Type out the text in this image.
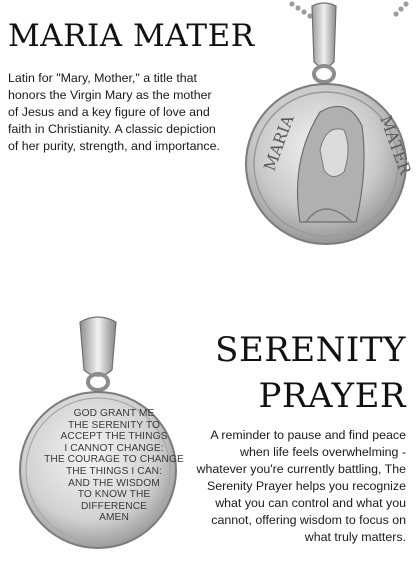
MARIA MATER

Latin for "Mary, Mother," a title that honors the Virgin Mary as the mother of Jesus and a key figure of love and faith in Christianity. A classic depiction of her purity, strength, and importance. MARIA	MATER
SERENITY
PRAYER

A reminder to pause and find peace when life feels overwhelming - whatever you're currently battling, The Serenity Prayer helps you recognize what you can control and what you cannot, offering wisdom to focus on what truly matters.

GOD GRANT ME
THE SERENITY TO
ACCEPT THE THINGS
I CANNOT CHANGE:
THE COURAGE TO CHANGE
THE THINGS I CAN:
AND THE WISDOM
TO KNOW THE
DIFFERENCE
AMEN
